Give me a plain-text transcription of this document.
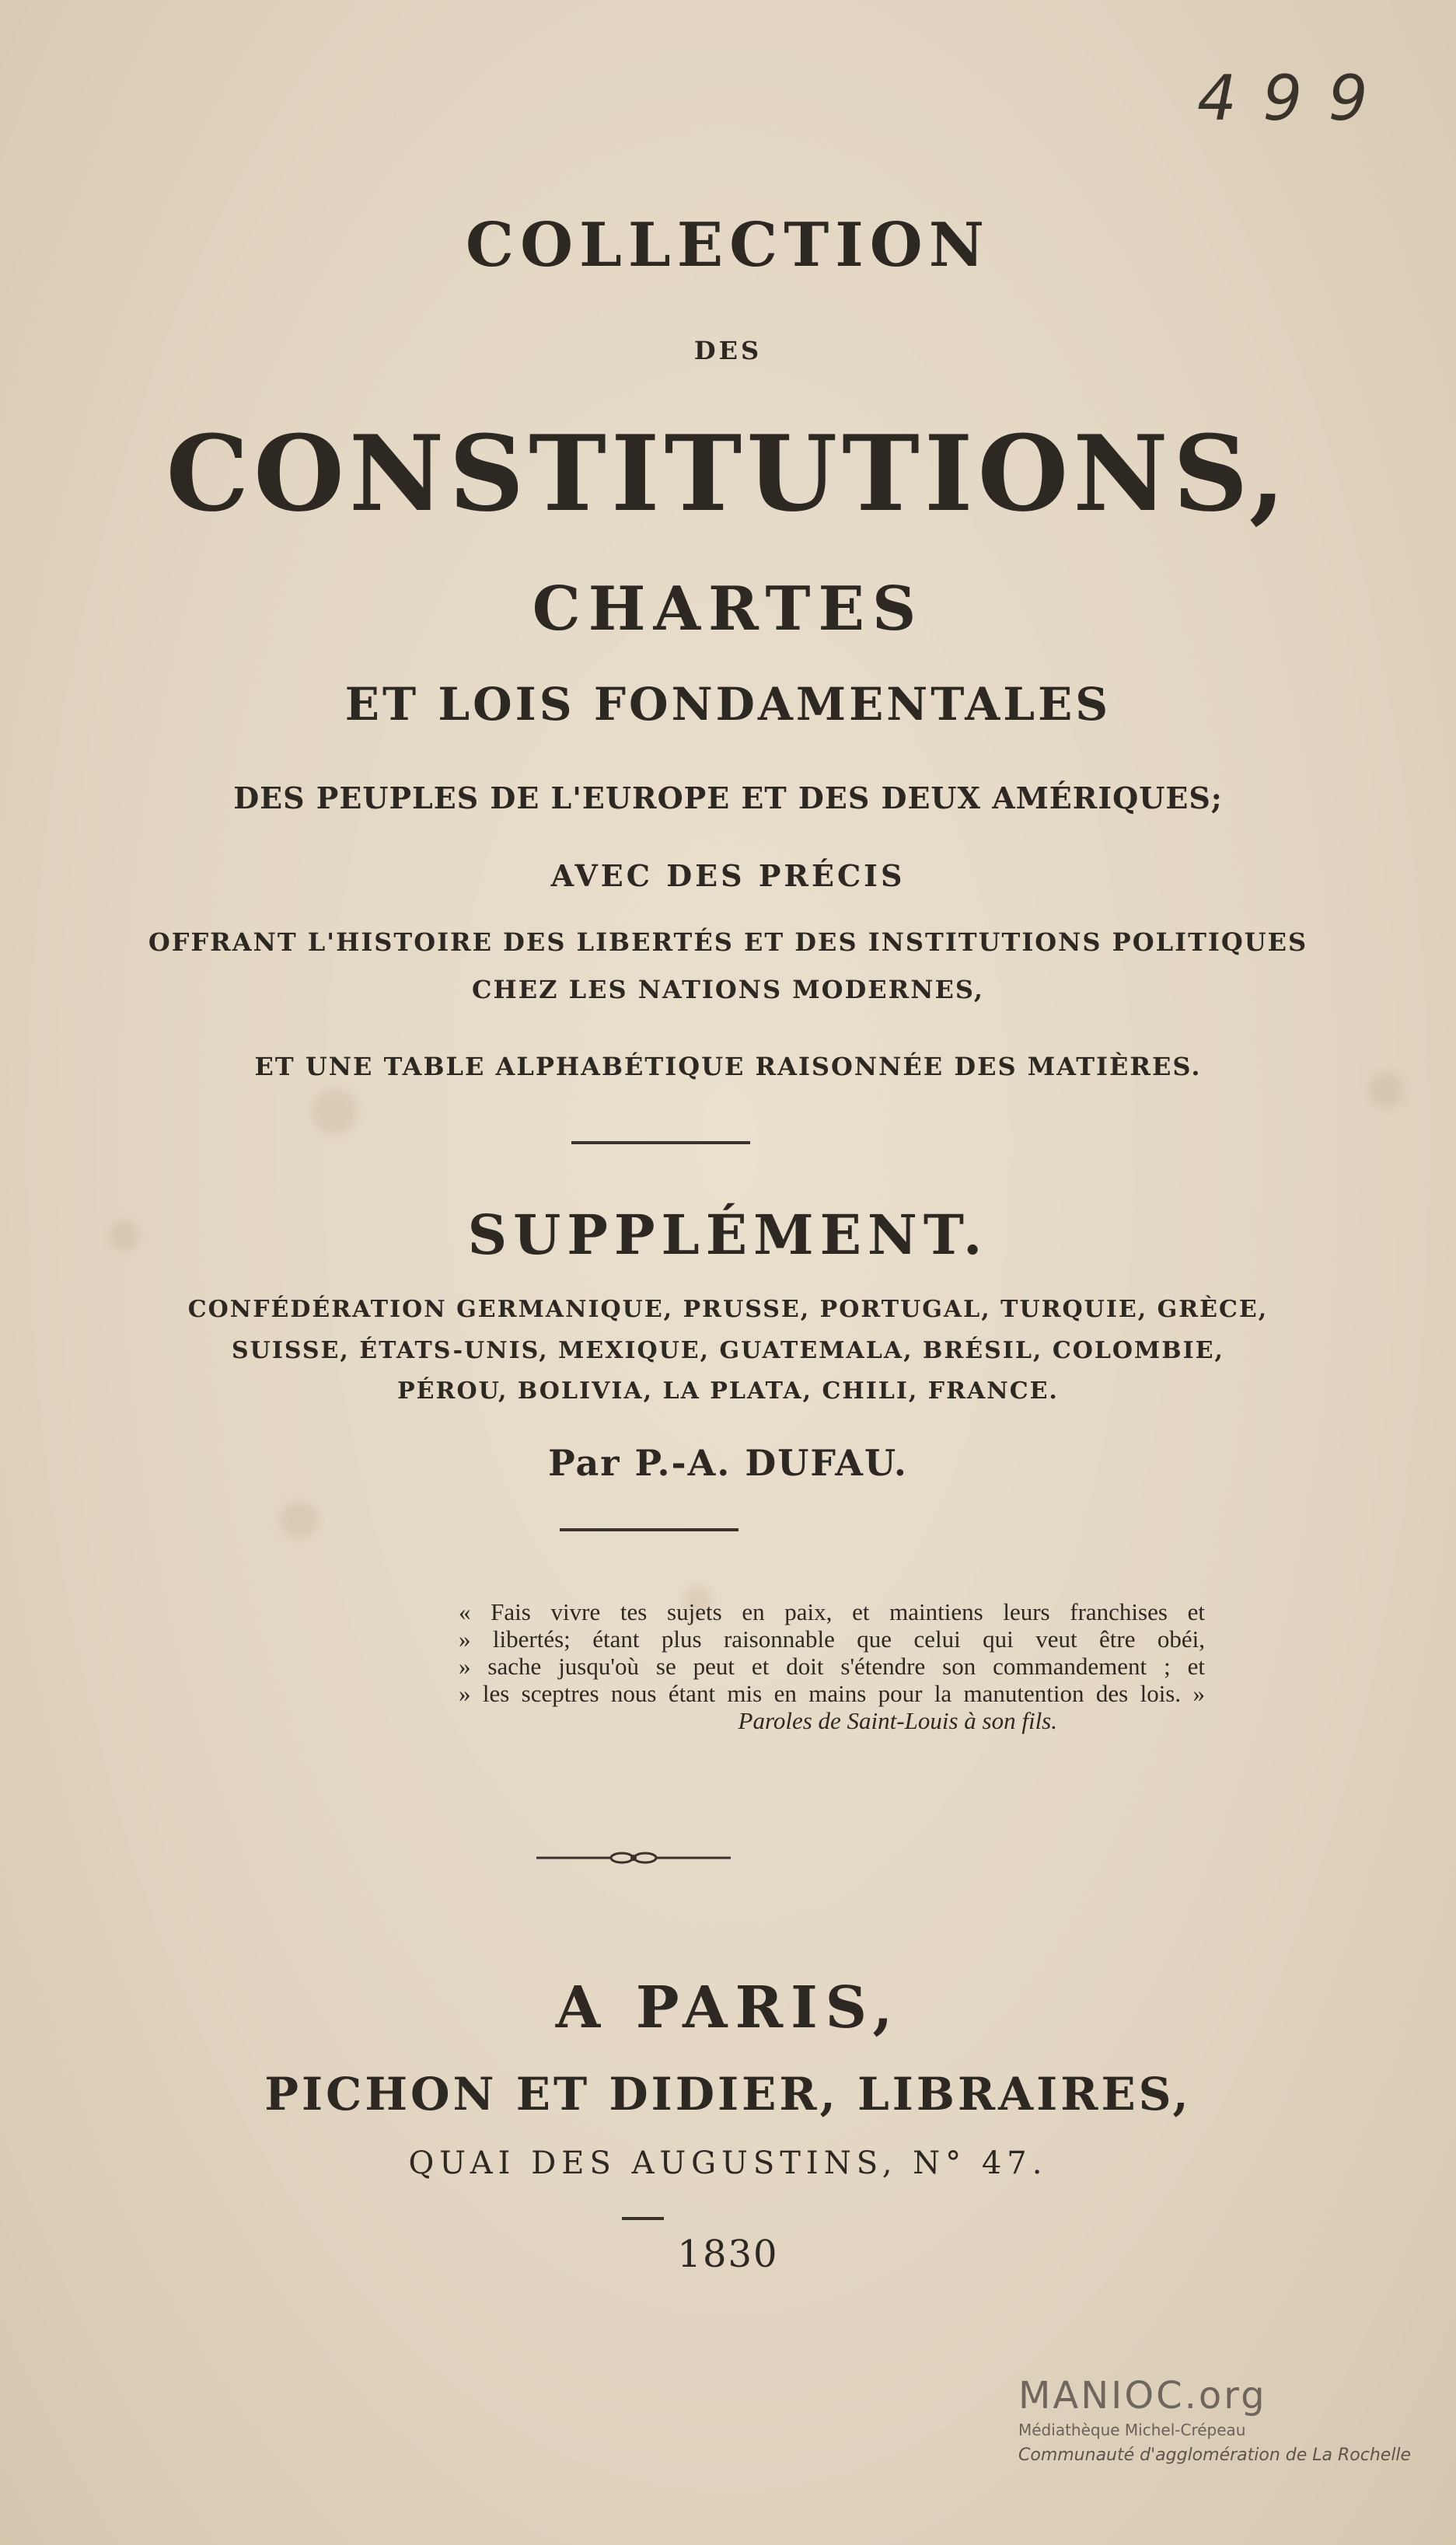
4 9 9
COLLECTION
DES
CONSTITUTIONS,
CHARTES
ET LOIS FONDAMENTALES
DES PEUPLES DE L'EUROPE ET DES DEUX AMÉRIQUES;
AVEC DES PRÉCIS
OFFRANT L'HISTOIRE DES LIBERTÉS ET DES INSTITUTIONS POLITIQUES
CHEZ LES NATIONS MODERNES,
ET UNE TABLE ALPHABÉTIQUE RAISONNÉE DES MATIÈRES.
SUPPLÉMENT.
CONFÉDÉRATION GERMANIQUE, PRUSSE, PORTUGAL, TURQUIE, GRÈCE,
SUISSE, ÉTATS-UNIS, MEXIQUE, GUATEMALA, BRÉSIL, COLOMBIE,
PÉROU, BOLIVIA, LA PLATA, CHILI, FRANCE.
Par P.-A. DUFAU.
« Fais vivre tes sujets en paix, et maintiens leurs franchises et
» libertés; étant plus raisonnable que celui qui veut être obéi,
» sache jusqu'où se peut et doit s'étendre son commandement ; et
» les sceptres nous étant mis en mains pour la manutention des lois. »
Paroles de Saint-Louis à son fils.
A PARIS,
PICHON ET DIDIER, LIBRAIRES,
QUAI DES AUGUSTINS, N° 47.
1830
MANIOC.org
Médiathèque Michel-Crépeau
Communauté d'agglomération de La Rochelle
